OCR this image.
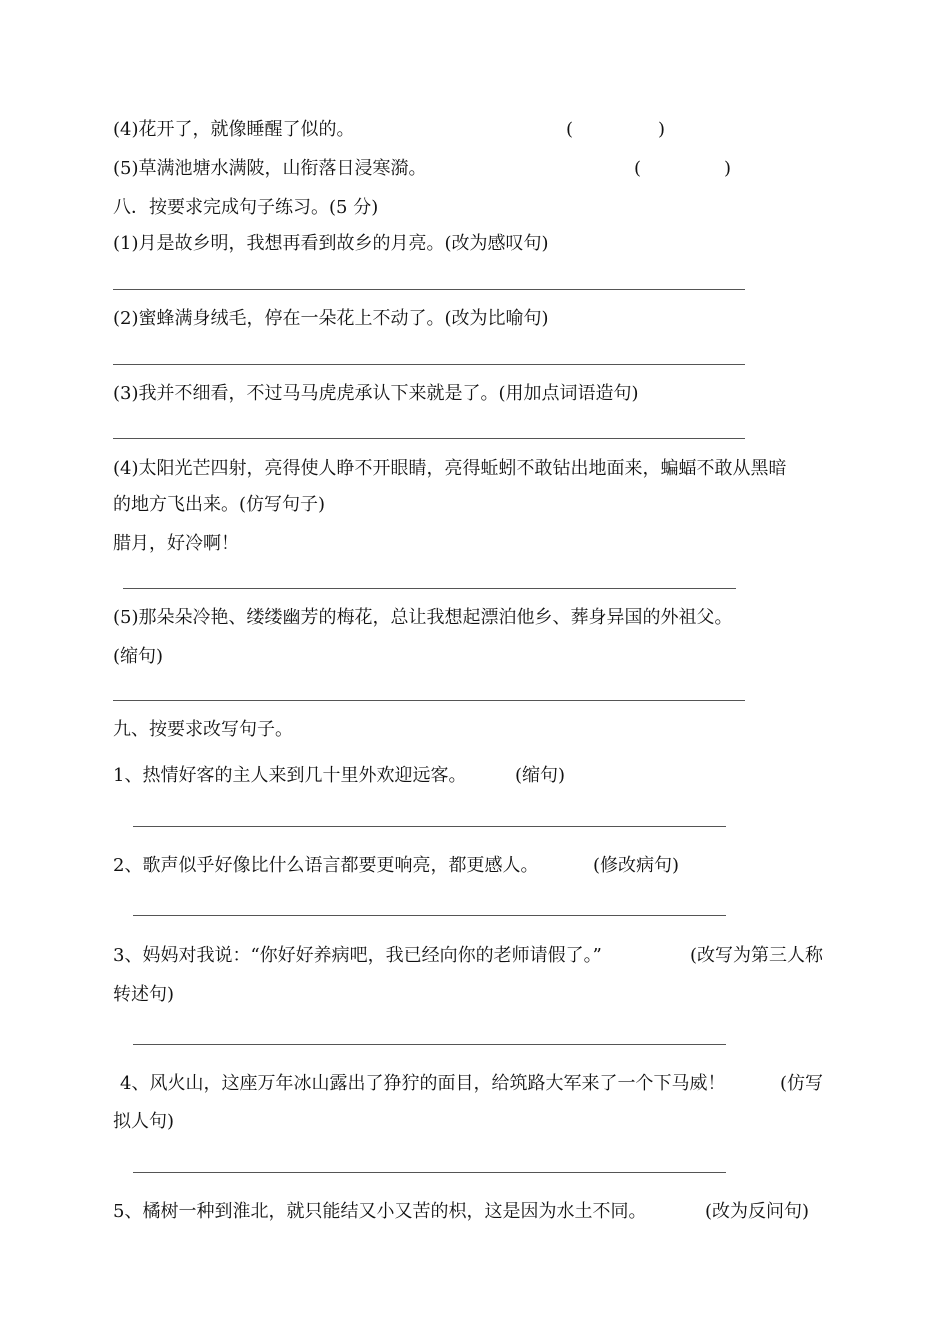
(4)花开了，就像睡醒了似的。	(	)
(5)草满池塘水满陂，山衔落日浸寒漪。	(	)
八．按要求完成句子练习。(5 分)
(1)月是故乡明，我想再看到故乡的月亮。(改为感叹句)
(2)蜜蜂满身绒毛，停在一朵花上不动了。(改为比喻句)
(3)我并不细看，不过马马虎虎承认下来就是了。(用加点词语造句)
(4)太阳光芒四射，亮得使人睁不开眼睛，亮得蚯蚓不敢钻出地面来，蝙蝠不敢从黑暗
的地方飞出来。(仿写句子)
腊月，好冷啊！
(5)那朵朵冷艳、缕缕幽芳的梅花，总让我想起漂泊他乡、葬身异国的外祖父。
(缩句)
九、按要求改写句子。
1、热情好客的主人来到几十里外欢迎远客。	(缩句)
2、歌声似乎好像比什么语言都要更响亮，都更感人。	(修改病句)
3、妈妈对我说：“你好好养病吧，我已经向你的老师请假了。”	(改写为第三人称
转述句)
4、风火山，这座万年冰山露出了狰狞的面目，给筑路大军来了一个下马威！	(仿写
拟人句)
5、橘树一种到淮北，就只能结又小又苦的枳，这是因为水土不同。	(改为反问句)
